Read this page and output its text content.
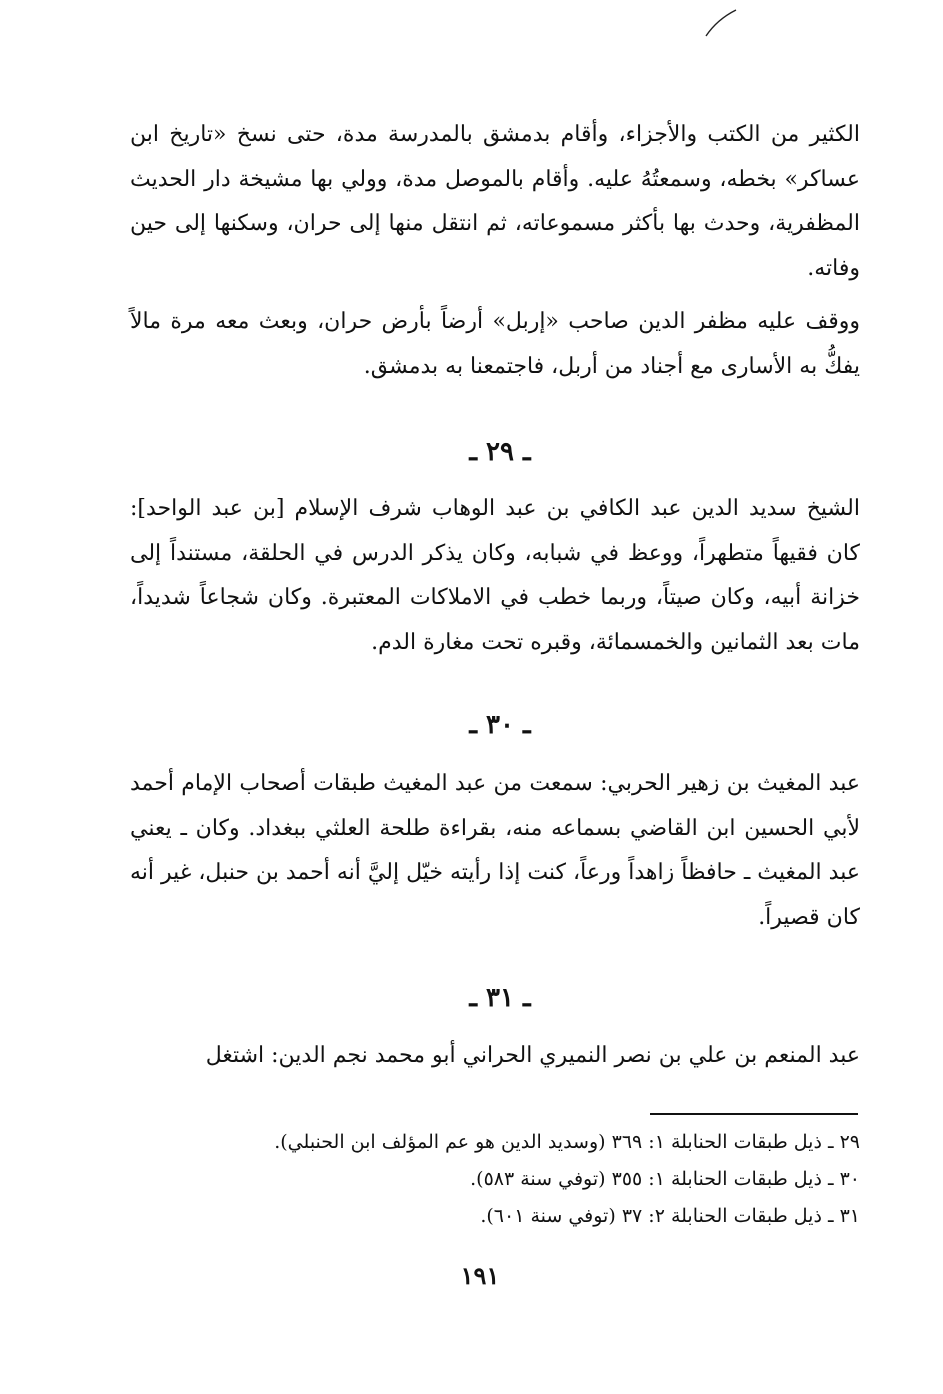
الكثير من الكتب والأجزاء، وأقام بدمشق بالمدرسة مدة، حتى نسخ «تاريخ ابن عساكر» بخطه، وسمعتُهُ عليه. وأقام بالموصل مدة، وولي بها مشيخة دار الحديث المظفرية، وحدث بها بأكثر مسموعاته، ثم انتقل منها إلى حران، وسكنها إلى حين وفاته.

ووقف عليه مظفر الدين صاحب «إربل» أرضاً بأرض حران، وبعث معه مرة مالاً يفكُّ به الأسارى مع أجناد من أربل، فاجتمعنا به بدمشق.

ـ ٢٩ ـ

الشيخ سديد الدين عبد الكافي بن عبد الوهاب شرف الإسلام [بن عبد الواحد]: كان فقيهاً متطهراً، ووعظ في شبابه، وكان يذكر الدرس في الحلقة، مستنداً إلى خزانة أبيه، وكان صيتاً، وربما خطب في الاملاكات المعتبرة. وكان شجاعاً شديداً، مات بعد الثمانين والخمسمائة، وقبره تحت مغارة الدم.

ـ ٣٠ ـ

عبد المغيث بن زهير الحربي: سمعت من عبد المغيث طبقات أصحاب الإمام أحمد لأبي الحسين ابن القاضي بسماعه منه، بقراءة طلحة العلثي ببغداد. وكان ـ يعني عبد المغيث ـ حافظاً زاهداً ورعاً، كنت إذا رأيته خيّل إليَّ أنه أحمد بن حنبل، غير أنه كان قصيراً.

ـ ٣١ ـ

عبد المنعم بن علي بن نصر النميري الحراني أبو محمد نجم الدين: اشتغل

٢٩ ـ ذيل طبقات الحنابلة ١: ٣٦٩ (وسديد الدين هو عم المؤلف ابن الحنبلي).
٣٠ ـ ذيل طبقات الحنابلة ١: ٣٥٥ (توفي سنة ٥٨٣).
٣١ ـ ذيل طبقات الحنابلة ٢: ٣٧ (توفي سنة ٦٠١).
١٩١
